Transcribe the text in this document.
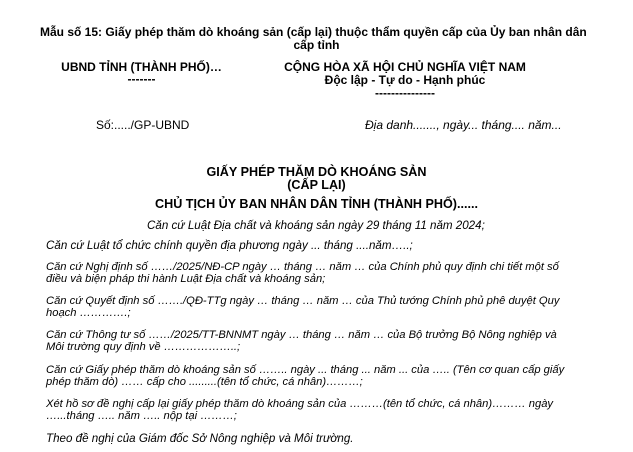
Mẫu số 15: Giấy phép thăm dò khoáng sản (cấp lại) thuộc thẩm quyền cấp của Ủy ban nhân dân
cấp tỉnh
UBND TỈNH (THÀNH PHỐ)…
-------
CỘNG HÒA XÃ HỘI CHỦ NGHĨA VIỆT NAM
Độc lập - Tự do - Hạnh phúc
---------------
Số:...../GP-UBND	Địa danh......., ngày... tháng.... năm...
GIẤY PHÉP THĂM DÒ KHOÁNG SẢN
(CẤP LẠI)
CHỦ TỊCH ỦY BAN NHÂN DÂN TỈNH (THÀNH PHỐ)......
Căn cứ Luật Địa chất và khoáng sản ngày 29 tháng 11 năm 2024;
Căn cứ Luật tổ chức chính quyền địa phương ngày ... tháng ....năm…..;
Căn cứ Nghị định số ……/2025/NĐ-CP ngày … tháng … năm … của Chính phủ quy định chi tiết một số
điều và biện pháp thi hành Luật Địa chất và khoáng sản;
Căn cứ Quyết định số ……./QĐ-TTg ngày … tháng … năm … của Thủ tướng Chính phủ phê duyệt Quy
hoạch ………….;
Căn cứ Thông tư số ……/2025/TT-BNNMT ngày … tháng … năm … của Bộ trưởng Bộ Nông nghiệp và
Môi trường quy định về ………………..;
Căn cứ Giấy phép thăm dò khoáng sản số …….. ngày ... tháng ... năm ... của ….. (Tên cơ quan cấp giấy
phép thăm dò) …… cấp cho .........(tên tổ chức, cá nhân)………;
Xét hồ sơ đề nghị cấp lại giấy phép thăm dò khoáng sản của ………(tên tổ chức, cá nhân)……… ngày
…...tháng ….. năm ….. nộp tại ………;
Theo đề nghị của Giám đốc Sở Nông nghiệp và Môi trường.
